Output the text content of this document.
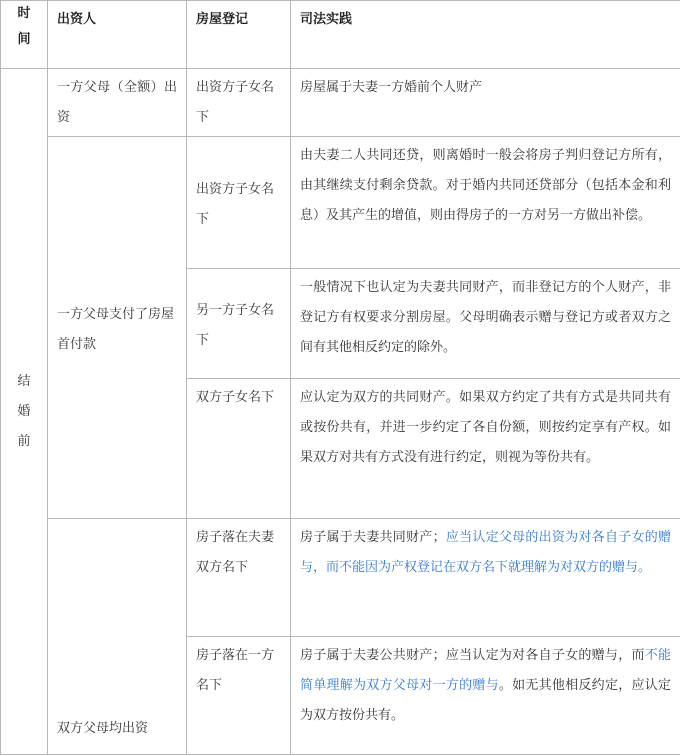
时
间	出资人	房屋登记	司法实践

结
婚
前	一方父母（全额）出资	出资方子女名下	房屋属于夫妻一方婚前个人财产
	一方父母支付了房屋首付款	出资方子女名下	由夫妻二人共同还贷，则离婚时一般会将房子判归登记方所有，由其继续支付剩余贷款。对于婚内共同还贷部分（包括本金和利息）及其产生的增值，则由得房子的一方对另一方做出补偿。
		另一方子女名下	一般情况下也认定为夫妻共同财产，而非登记方的个人财产，非登记方有权要求分割房屋。父母明确表示赠与登记方或者双方之间有其他相反约定的除外。
		双方子女名下	应认定为双方的共同财产。如果双方约定了共有方式是共同共有或按份共有，并进一步约定了各自份额，则按约定享有产权。如果双方对共有方式没有进行约定，则视为等份共有。
	双方父母均出资	房子落在夫妻双方名下	房子属于夫妻共同财产；应当认定父母的出资为对各自子女的赠与，而不能因为产权登记在双方名下就理解为对双方的赠与。
		房子落在一方名下	房子属于夫妻公共财产；应当认定为对各自子女的赠与，而不能简单理解为双方父母对一方的赠与。如无其他相反约定，应认定为双方按份共有。
